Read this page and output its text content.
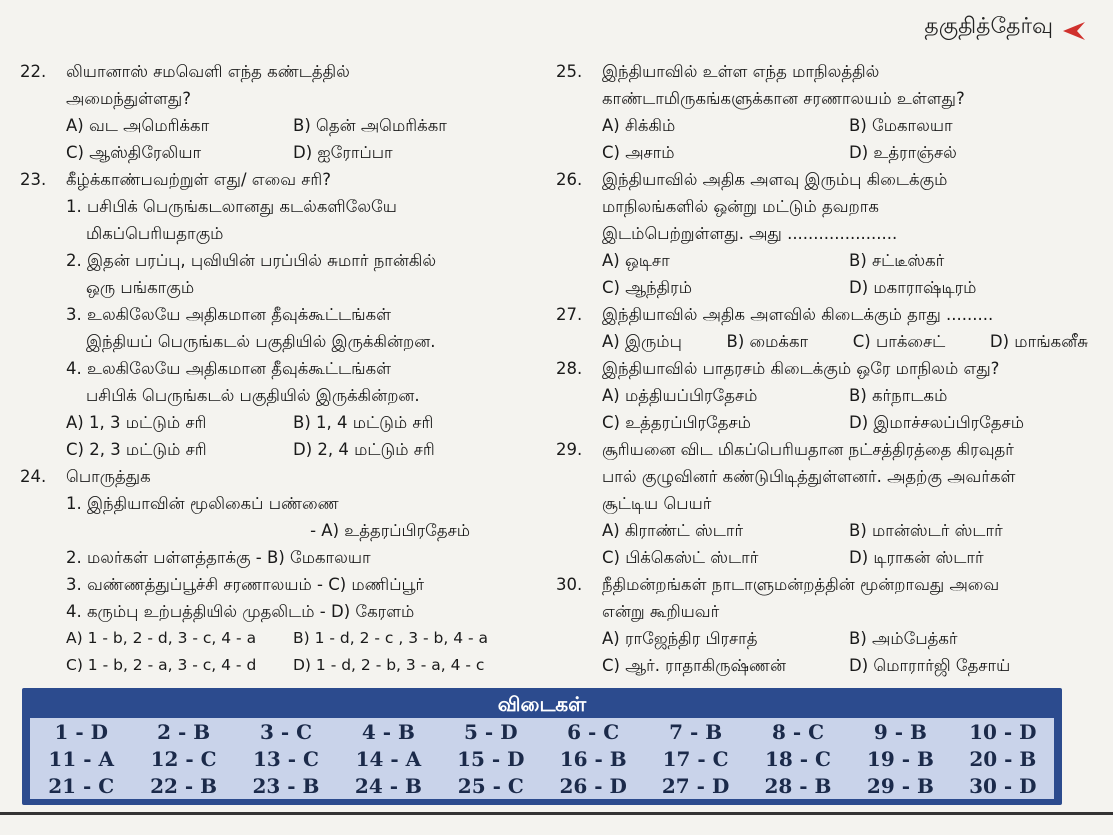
தகுதித்தேர்வு
22. லியானாஸ் சமவெளி எந்த கண்டத்தில்
அமைந்துள்ளது?
A) வட அமெரிக்கா	B) தென் அமெரிக்கா
C) ஆஸ்திரேலியா	D) ஐரோப்பா
23. கீழ்க்காண்பவற்றுள் எது/ எவை சரி?
1. பசிபிக் பெருங்கடலானது கடல்களிலேயே
மிகப்பெரியதாகும்
2. இதன் பரப்பு, புவியின் பரப்பில் சுமார் நான்கில்
ஒரு பங்காகும்
3. உலகிலேயே அதிகமான தீவுக்கூட்டங்கள்
இந்தியப் பெருங்கடல் பகுதியில் இருக்கின்றன.
4. உலகிலேயே அதிகமான தீவுக்கூட்டங்கள்
பசிபிக் பெருங்கடல் பகுதியில் இருக்கின்றன.
A) 1, 3 மட்டும் சரி	B) 1, 4 மட்டும் சரி
C) 2, 3 மட்டும் சரி	D) 2, 4 மட்டும் சரி
24. பொருத்துக
1. இந்தியாவின் மூலிகைப் பண்ணை
- A) உத்தரப்பிரதேசம்
2. மலர்கள் பள்ளத்தாக்கு - B) மேகாலயா
3. வண்ணத்துப்பூச்சி சரணாலயம் - C) மணிப்பூர்
4. கரும்பு உற்பத்தியில் முதலிடம் - D) கேரளம்
A) 1 - b, 2 - d, 3 - c, 4 - a	B) 1 - d, 2 - c , 3 - b, 4 - a
C) 1 - b, 2 - a, 3 - c, 4 - d	D) 1 - d, 2 - b, 3 - a, 4 - c
25. இந்தியாவில் உள்ள எந்த மாநிலத்தில்
காண்டாமிருகங்களுக்கான சரணாலயம் உள்ளது?
A) சிக்கிம்	B) மேகாலயா
C) அசாம்	D) உத்ராஞ்சல்
26. இந்தியாவில் அதிக அளவு இரும்பு கிடைக்கும்
மாநிலங்களில் ஒன்று மட்டும் தவறாக
இடம்பெற்றுள்ளது. அது .....................
A) ஒடிசா	B) சட்டீஸ்கர்
C) ஆந்திரம்	D) மகாராஷ்டிரம்
27. இந்தியாவில் அதிக அளவில் கிடைக்கும் தாது .........
A) இரும்பு	B) மைக்கா	C) பாக்சைட்	D) மாங்கனீசு
28. இந்தியாவில் பாதரசம் கிடைக்கும் ஒரே மாநிலம் எது?
A) மத்தியப்பிரதேசம்	B) கர்நாடகம்
C) உத்தரப்பிரதேசம்	D) இமாச்சலப்பிரதேசம்
29. சூரியனை விட மிகப்பெரியதான நட்சத்திரத்தை கிரவுதர்
பால் குழுவினர் கண்டுபிடித்துள்ளனர். அதற்கு அவர்கள்
சூட்டிய பெயர்
A) கிராண்ட் ஸ்டார்	B) மான்ஸ்டர் ஸ்டார்
C) பிக்கெஸ்ட் ஸ்டார்	D) டிராகன் ஸ்டார்
30. நீதிமன்றங்கள் நாடாளுமன்றத்தின் மூன்றாவது அவை
என்று கூறியவர்
A) ராஜேந்திர பிரசாத்	B) அம்பேத்கர்
C) ஆர். ராதாகிருஷ்ணன்	D) மொரார்ஜி தேசாய்
விடைகள்
1 - D 2 - B 3 - C 4 - B 5 - D 6 - C 7 - B 8 - C 9 - B 10 - D
11 - A 12 - C 13 - C 14 - A 15 - D 16 - B 17 - C 18 - C 19 - B 20 - B
21 - C 22 - B 23 - B 24 - B 25 - C 26 - D 27 - D 28 - B 29 - B 30 - D
